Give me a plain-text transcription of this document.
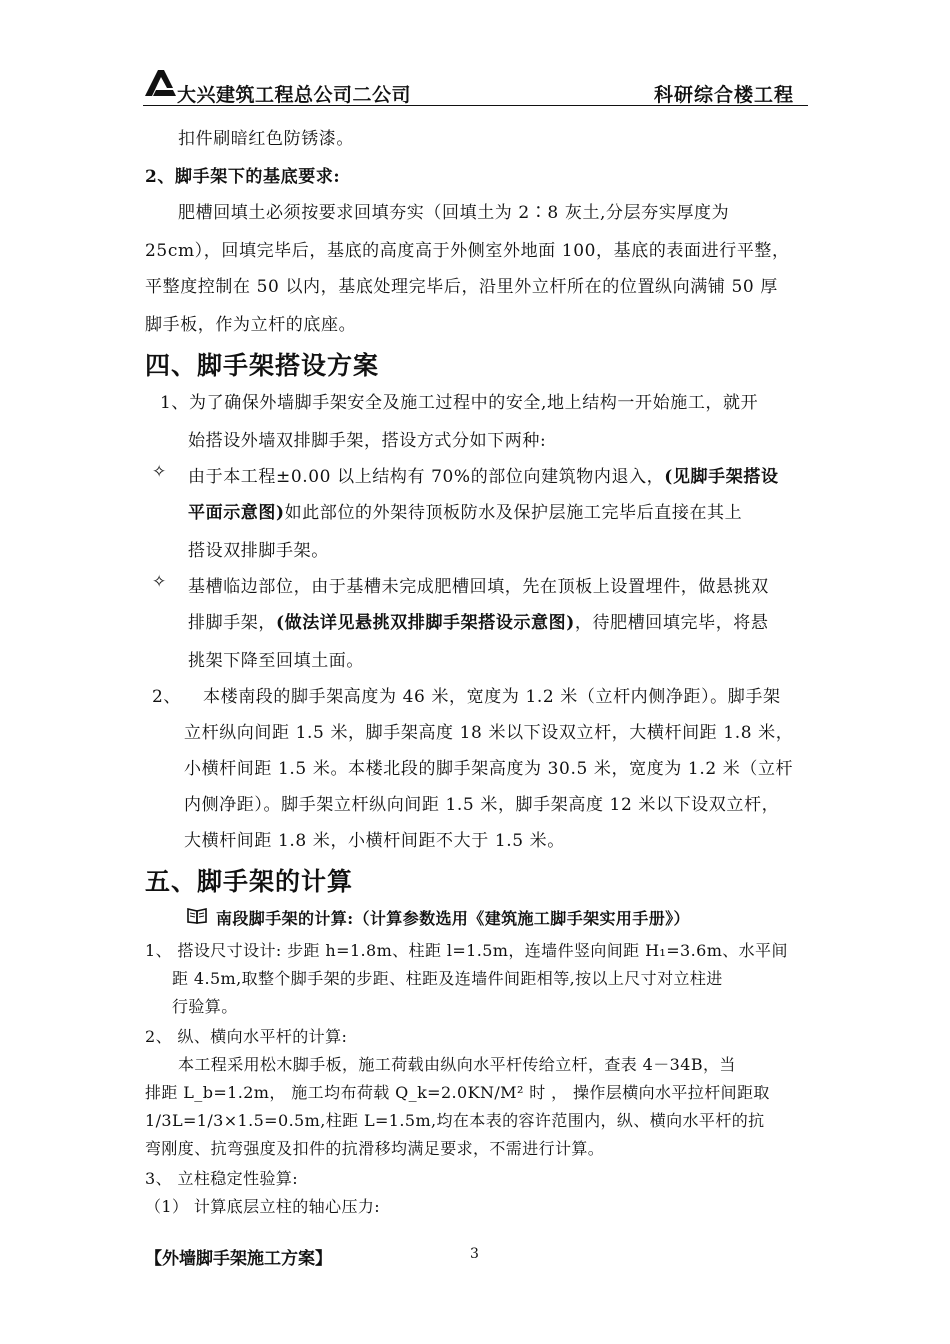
大兴建筑工程总公司二公司	科研综合楼工程
扣件刷暗红色防锈漆。
2、脚手架下的基底要求:
肥槽回填土必须按要求回填夯实（回填土为 2∶8 灰土,分层夯实厚度为
25cm），回填完毕后，基底的高度高于外侧室外地面 100，基底的表面进行平整，
平整度控制在 50 以内，基底处理完毕后，沿里外立杆所在的位置纵向满铺 50 厚
脚手板，作为立杆的底座。
四、脚手架搭设方案
1、为了确保外墙脚手架安全及施工过程中的安全,地上结构一开始施工，就开
始搭设外墙双排脚手架，搭设方式分如下两种:
✧ 由于本工程±0.00 以上结构有 70%的部位向建筑物内退入，(见脚手架搭设
平面示意图)如此部位的外架待顶板防水及保护层施工完毕后直接在其上
搭设双排脚手架。
✧ 基槽临边部位，由于基槽未完成肥槽回填，先在顶板上设置埋件，做悬挑双
排脚手架，(做法详见悬挑双排脚手架搭设示意图)，待肥槽回填完毕，将悬
挑架下降至回填土面。
2、 本楼南段的脚手架高度为 46 米，宽度为 1.2 米（立杆内侧净距）。脚手架
立杆纵向间距 1.5 米，脚手架高度 18 米以下设双立杆，大横杆间距 1.8 米，
小横杆间距 1.5 米。本楼北段的脚手架高度为 30.5 米，宽度为 1.2 米（立杆
内侧净距）。脚手架立杆纵向间距 1.5 米，脚手架高度 12 米以下设双立杆，
大横杆间距 1.8 米，小横杆间距不大于 1.5 米。
五、脚手架的计算
南段脚手架的计算:（计算参数选用《建筑施工脚手架实用手册》）
1、 搭设尺寸设计: 步距 h=1.8m、柱距 l=1.5m，连墙件竖向间距 H₁=3.6m、水平间
距 4.5m,取整个脚手架的步距、柱距及连墙件间距相等,按以上尺寸对立柱进
行验算。
2、 纵、横向水平杆的计算:
本工程采用松木脚手板，施工荷载由纵向水平杆传给立杆，查表 4－34B，当
排距 L_b=1.2m， 施工均布荷载 Q_k=2.0KN/M² 时 ， 操作层横向水平拉杆间距取
1/3L=1/3×1.5=0.5m,柱距 L=1.5m,均在本表的容许范围内，纵、横向水平杆的抗
弯刚度、抗弯强度及扣件的抗滑移均满足要求，不需进行计算。
3、 立柱稳定性验算:
（1） 计算底层立柱的轴心压力:
【外墙脚手架施工方案】	3
